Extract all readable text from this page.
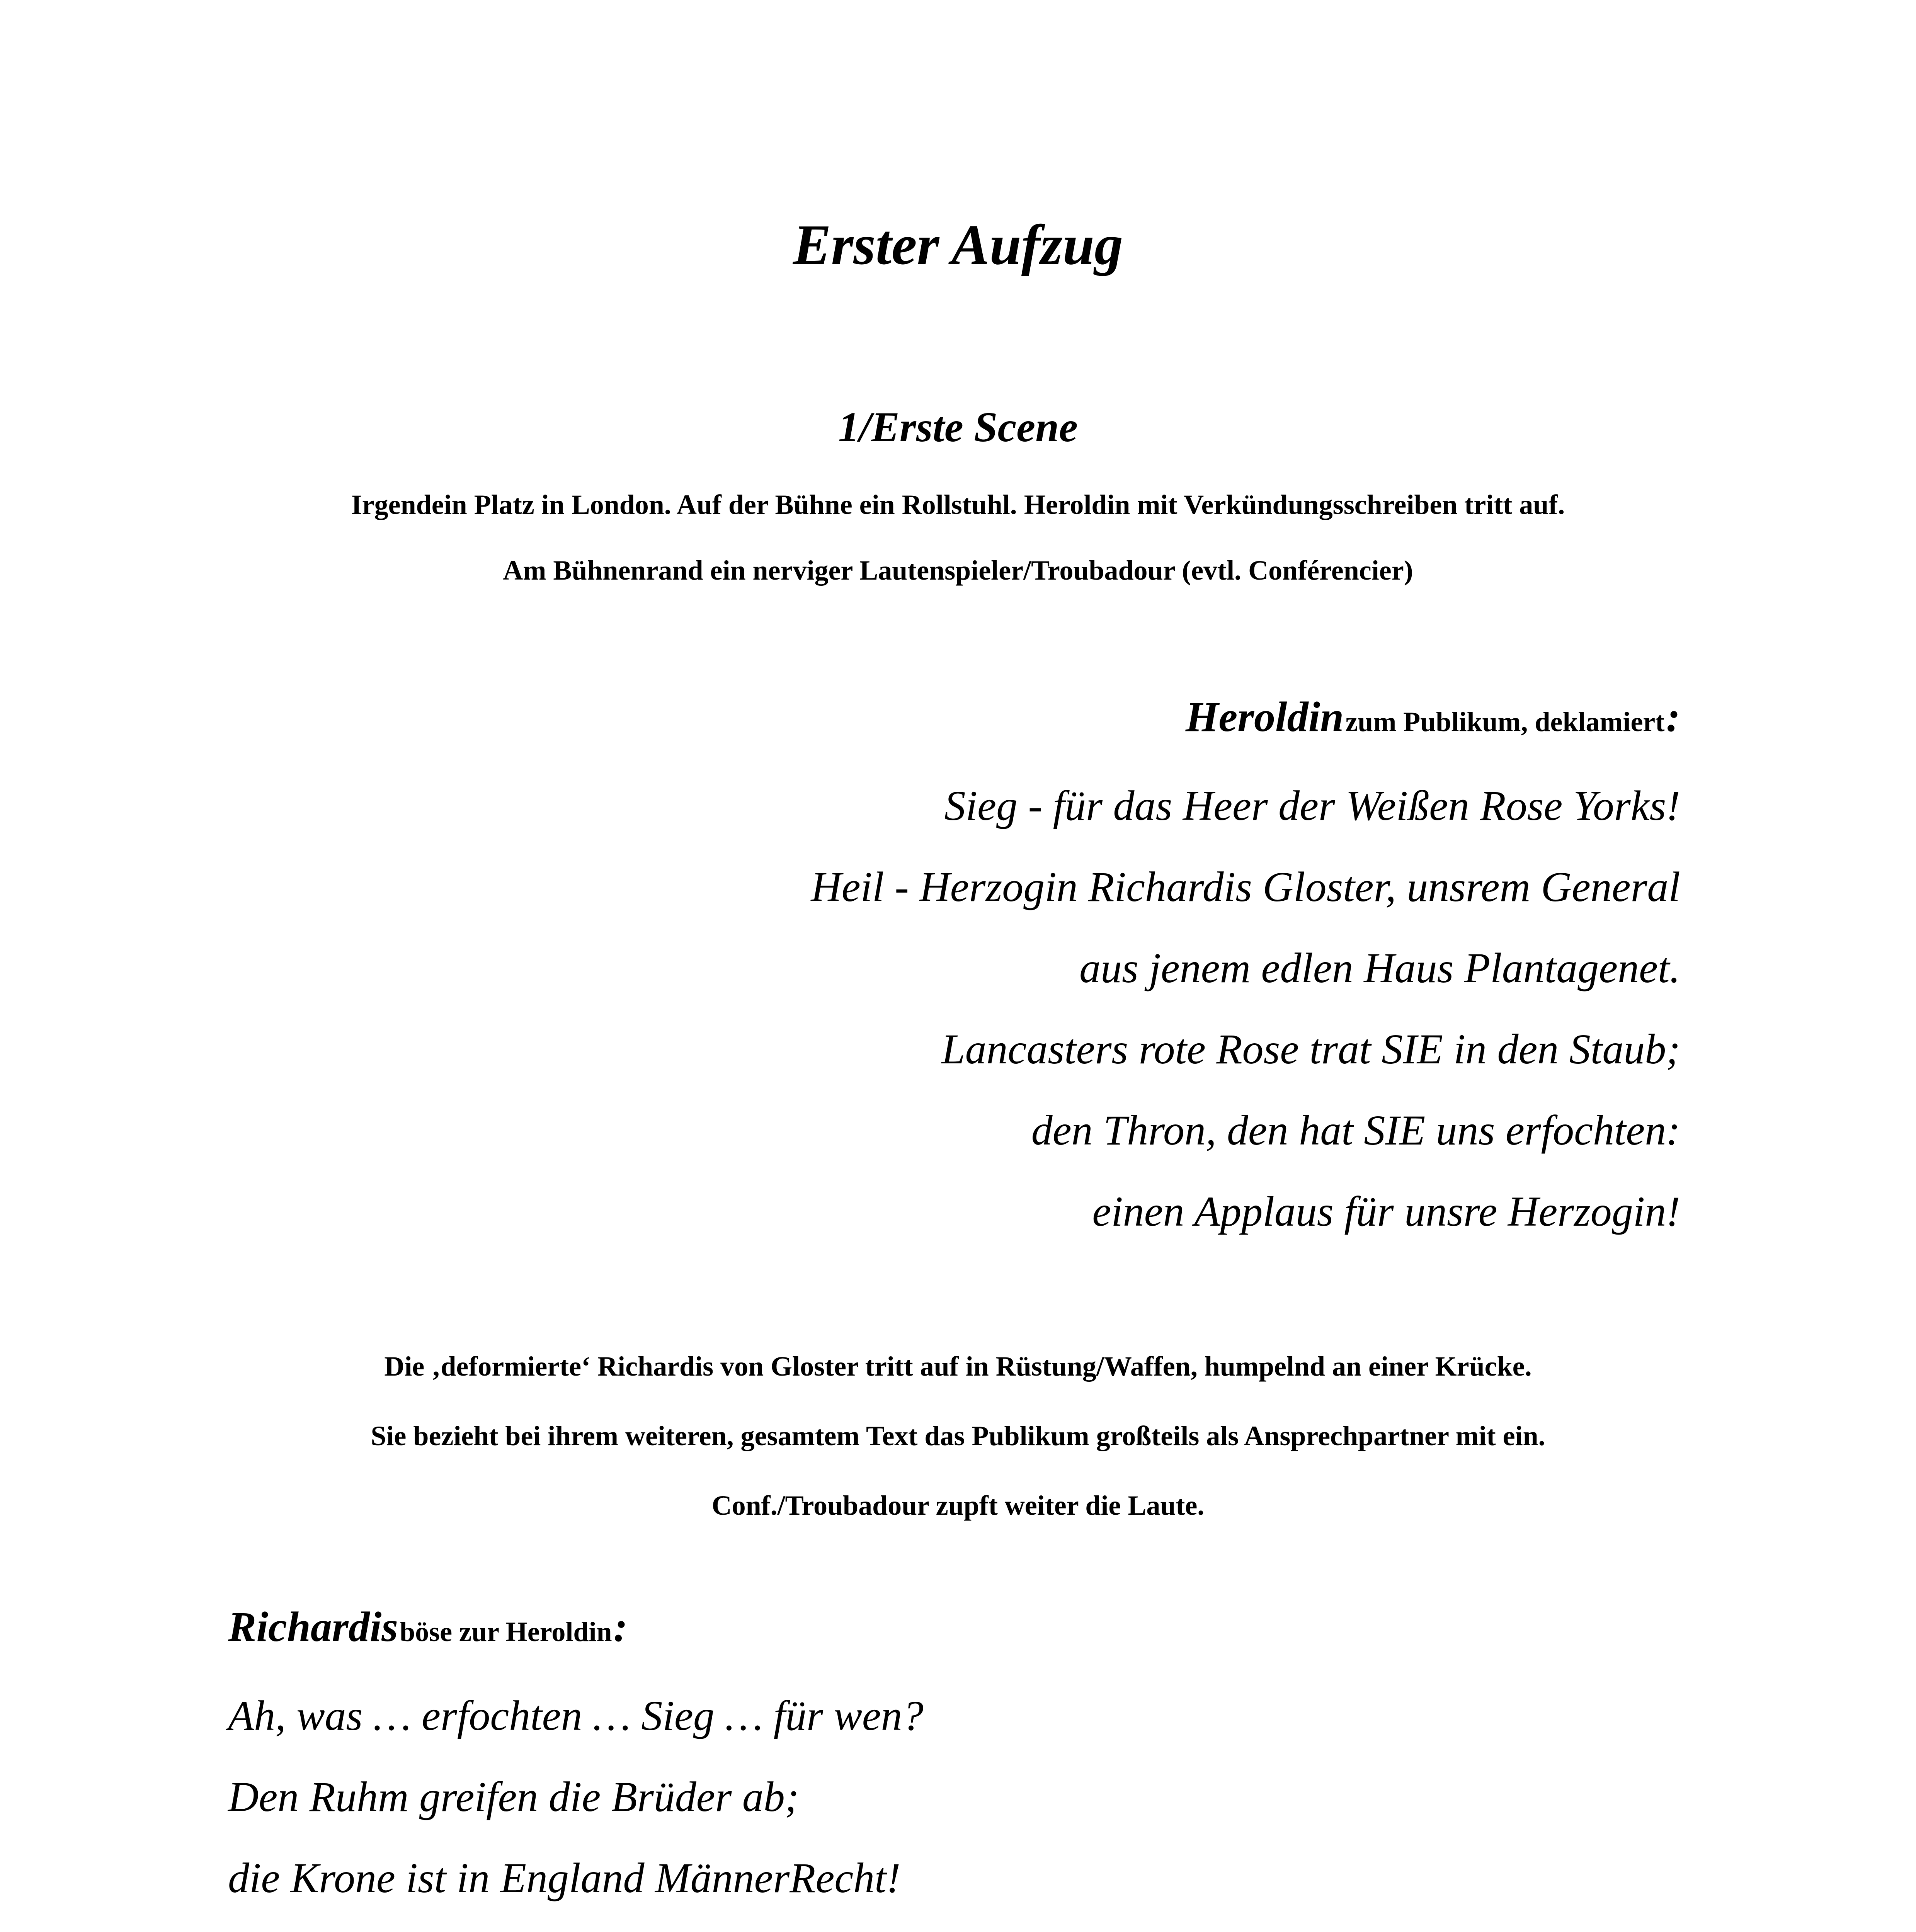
Erster Aufzug
1/Erste Scene
Irgendein Platz in London. Auf der Bühne ein Rollstuhl. Heroldin mit Verkündungsschreiben tritt auf.
Am Bühnenrand ein nerviger Lautenspieler/Troubadour (evtl. Conférencier)
Heroldin zum Publikum, deklamiert :
Sieg - für das Heer der Weißen Rose Yorks!
Heil - Herzogin Richardis Gloster, unsrem General
aus jenem edlen Haus Plantagenet.
Lancasters rote Rose trat SIE in den Staub;
den Thron, den hat SIE uns erfochten:
einen Applaus für unsre Herzogin!
Die ‚deformierte‘ Richardis von Gloster tritt auf in Rüstung/Waffen, humpelnd an einer Krücke.
Sie bezieht bei ihrem weiteren, gesamtem Text das Publikum großteils als Ansprechpartner mit ein.
Conf./Troubadour zupft weiter die Laute.
Richardis böse zur Heroldin :
Ah, was … erfochten … Sieg … für wen?
Den Ruhm greifen die Brüder ab;
die Krone ist in England MännerRecht!
